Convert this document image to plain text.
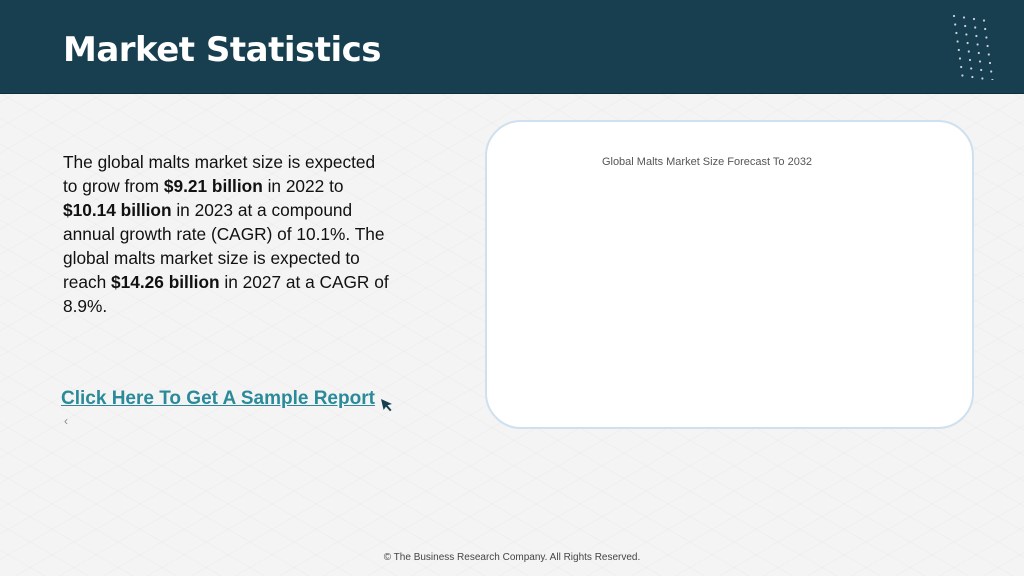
Market Statistics
The global malts market size is expected to grow from $9.21 billion in 2022 to $10.14 billion in 2023 at a compound annual growth rate (CAGR) of 10.1%. The global malts market size is expected to reach $14.26 billion in 2027 at a CAGR of 8.9%.
Click Here To Get A Sample Report
‹
Global Malts Market Size Forecast To 2032
© The Business Research Company. All Rights Reserved.
